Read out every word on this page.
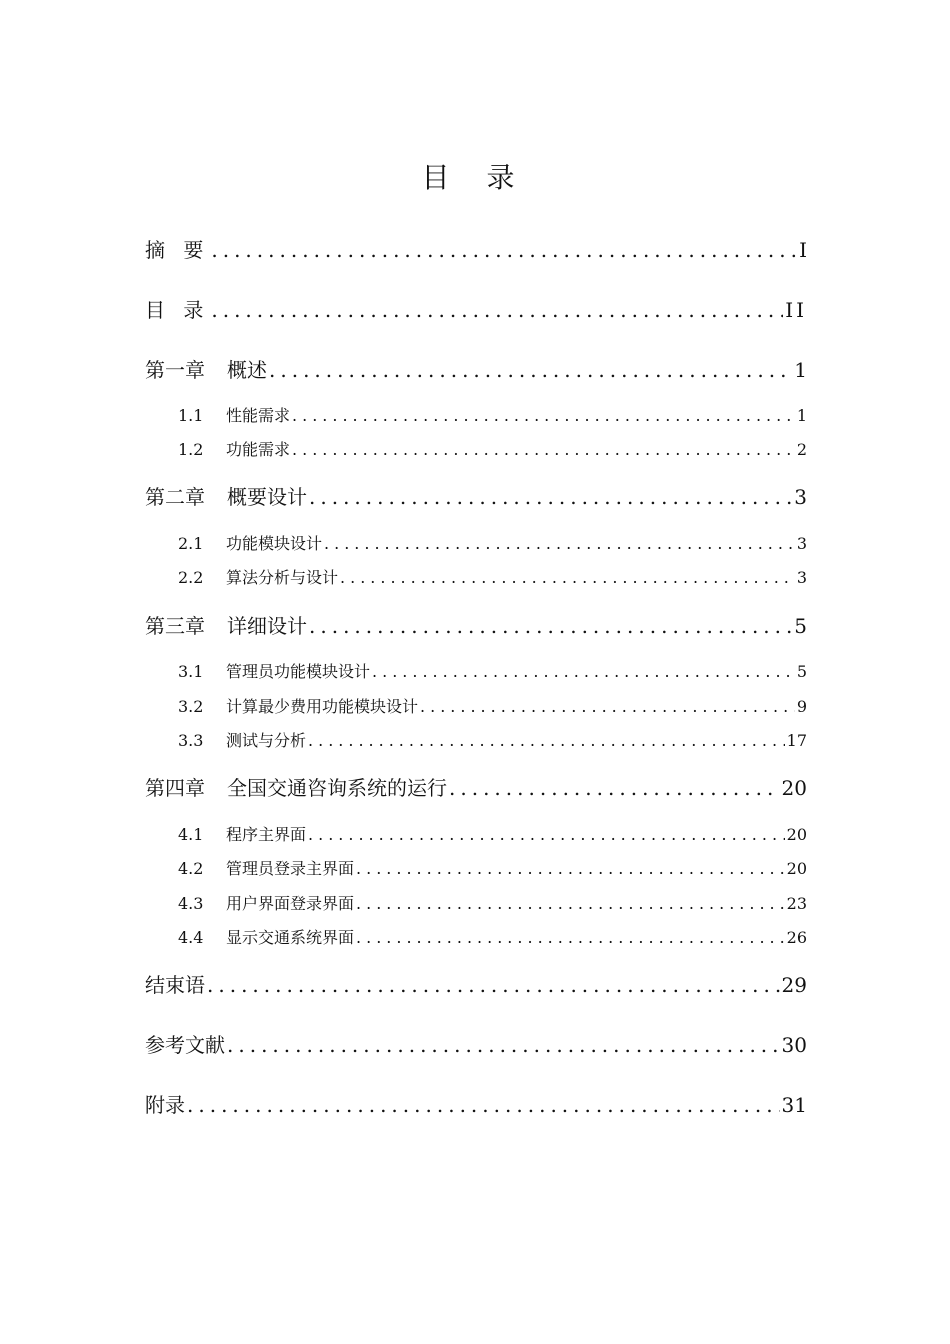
目 录
摘 要 .....	I
目 录 .....	II
第一章 概述 .....	1
1.1	性能需求 .....	1
1.2	功能需求 .....	2
第二章 概要设计 .....	3
2.1	功能模块设计 .....	3
2.2	算法分析与设计 .....	3
第三章 详细设计 .....	5
3.1	管理员功能模块设计 .....	5
3.2	计算最少费用功能模块设计 .....	9
3.3	测试与分析 .....	17
第四章 全国交通咨询系统的运行 .....	20
4.1	程序主界面 .....	20
4.2	管理员登录主界面 .....	20
4.3	用户界面登录界面 .....	23
4.4	显示交通系统界面 .....	26
结束语 .....	29
参考文献 .....	30
附录 .....	31
